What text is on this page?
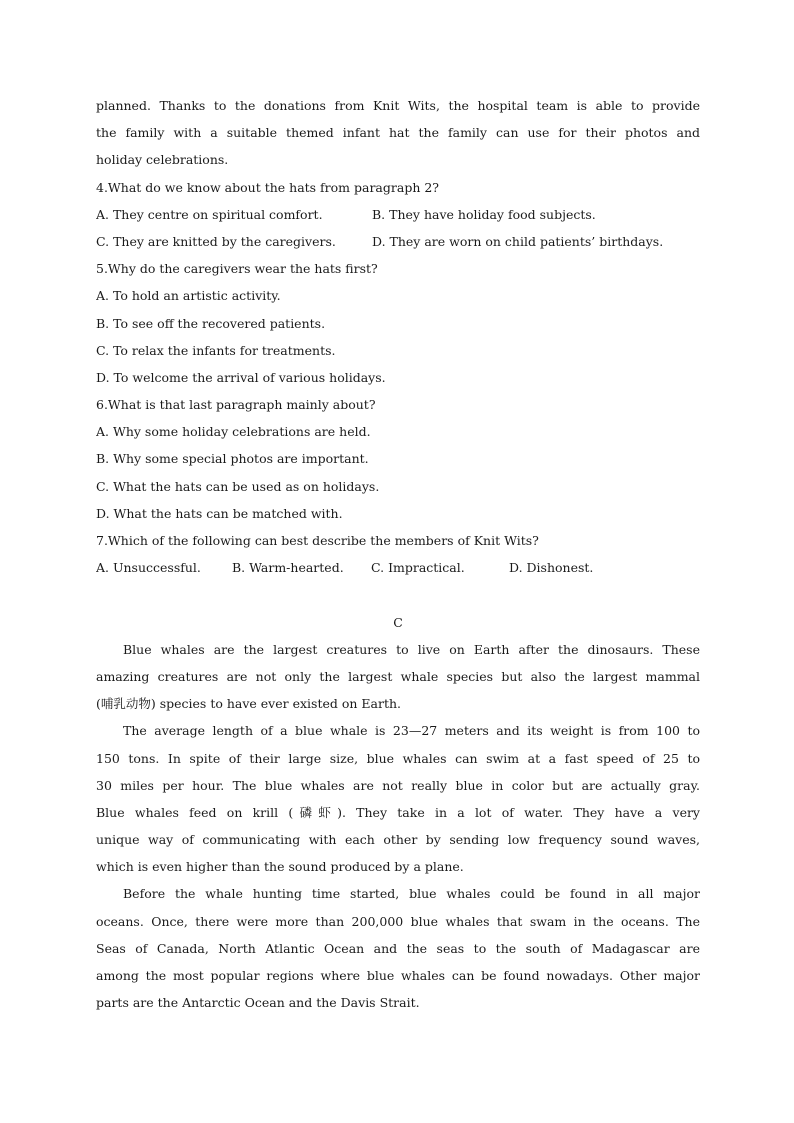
planned. Thanks to the donations from Knit Wits, the hospital team is able to provide
the family with a suitable themed infant hat the family can use for their photos and
holiday celebrations.
4.What do we know about the hats from paragraph 2?
A. They centre on spiritual comfort.	B. They have holiday food subjects.
C. They are knitted by the caregivers.	D. They are worn on child patients’ birthdays.
5.Why do the caregivers wear the hats first?
A. To hold an artistic activity.
B. To see off the recovered patients.
C. To relax the infants for treatments.
D. To welcome the arrival of various holidays.
6.What is that last paragraph mainly about?
A. Why some holiday celebrations are held.
B. Why some special photos are important.
C. What the hats can be used as on holidays.
D. What the hats can be matched with.
7.Which of the following can best describe the members of Knit Wits?
A. Unsuccessful. B. Warm-hearted. C. Impractical.	D. Dishonest.
C
Blue whales are the largest creatures to live on Earth after the dinosaurs. These
amazing creatures are not only the largest whale species but also the largest mammal
(哺乳动物) species to have ever existed on Earth.
The average length of a blue whale is 23—27 meters and its weight is from 100 to
150 tons. In spite of their large size, blue whales can swim at a fast speed of 25 to
30 miles per hour. The blue whales are not really blue in color but are actually gray.
Blue whales feed on krill (磷虾). They take in a lot of water. They have a very
unique way of communicating with each other by sending low frequency sound waves,
which is even higher than the sound produced by a plane.
Before the whale hunting time started, blue whales could be found in all major
oceans. Once, there were more than 200,000 blue whales that swam in the oceans. The
Seas of Canada, North Atlantic Ocean and the seas to the south of Madagascar are
among the most popular regions where blue whales can be found nowadays. Other major
parts are the Antarctic Ocean and the Davis Strait.
